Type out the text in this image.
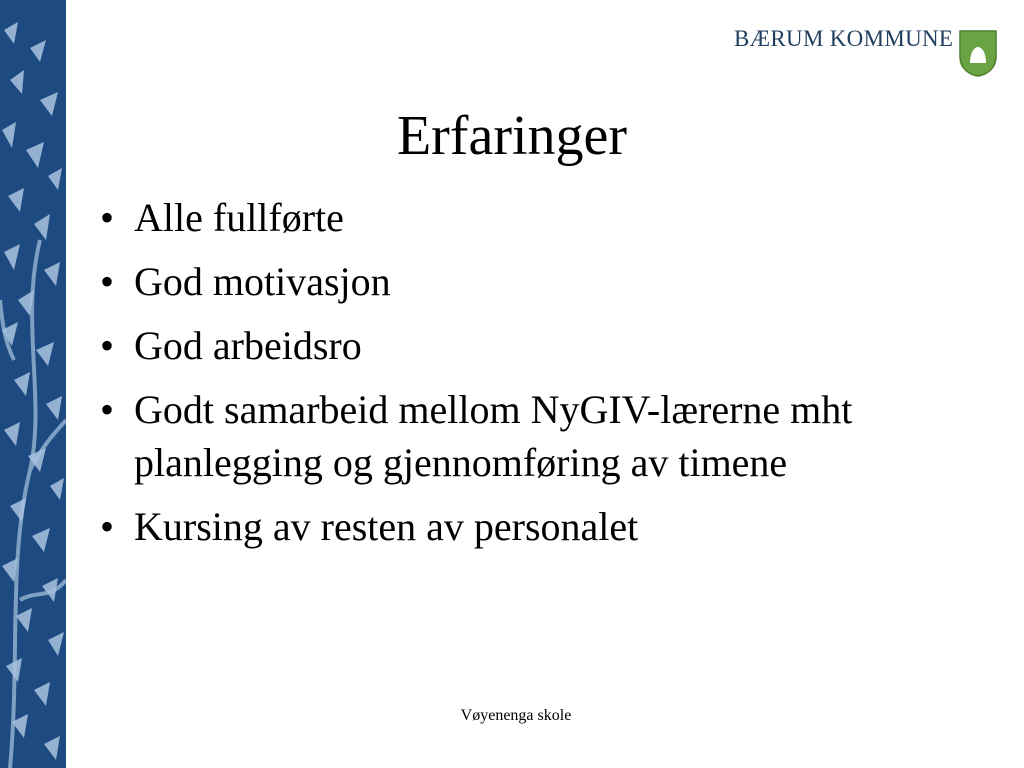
BÆRUM KOMMUNE
Erfaringer
• Alle fullførte
• God motivasjon
• God arbeidsro
• Godt samarbeid mellom NyGIV-lærerne mht planlegging og gjennomføring av timene
• Kursing av resten av personalet
Vøyenenga skole
